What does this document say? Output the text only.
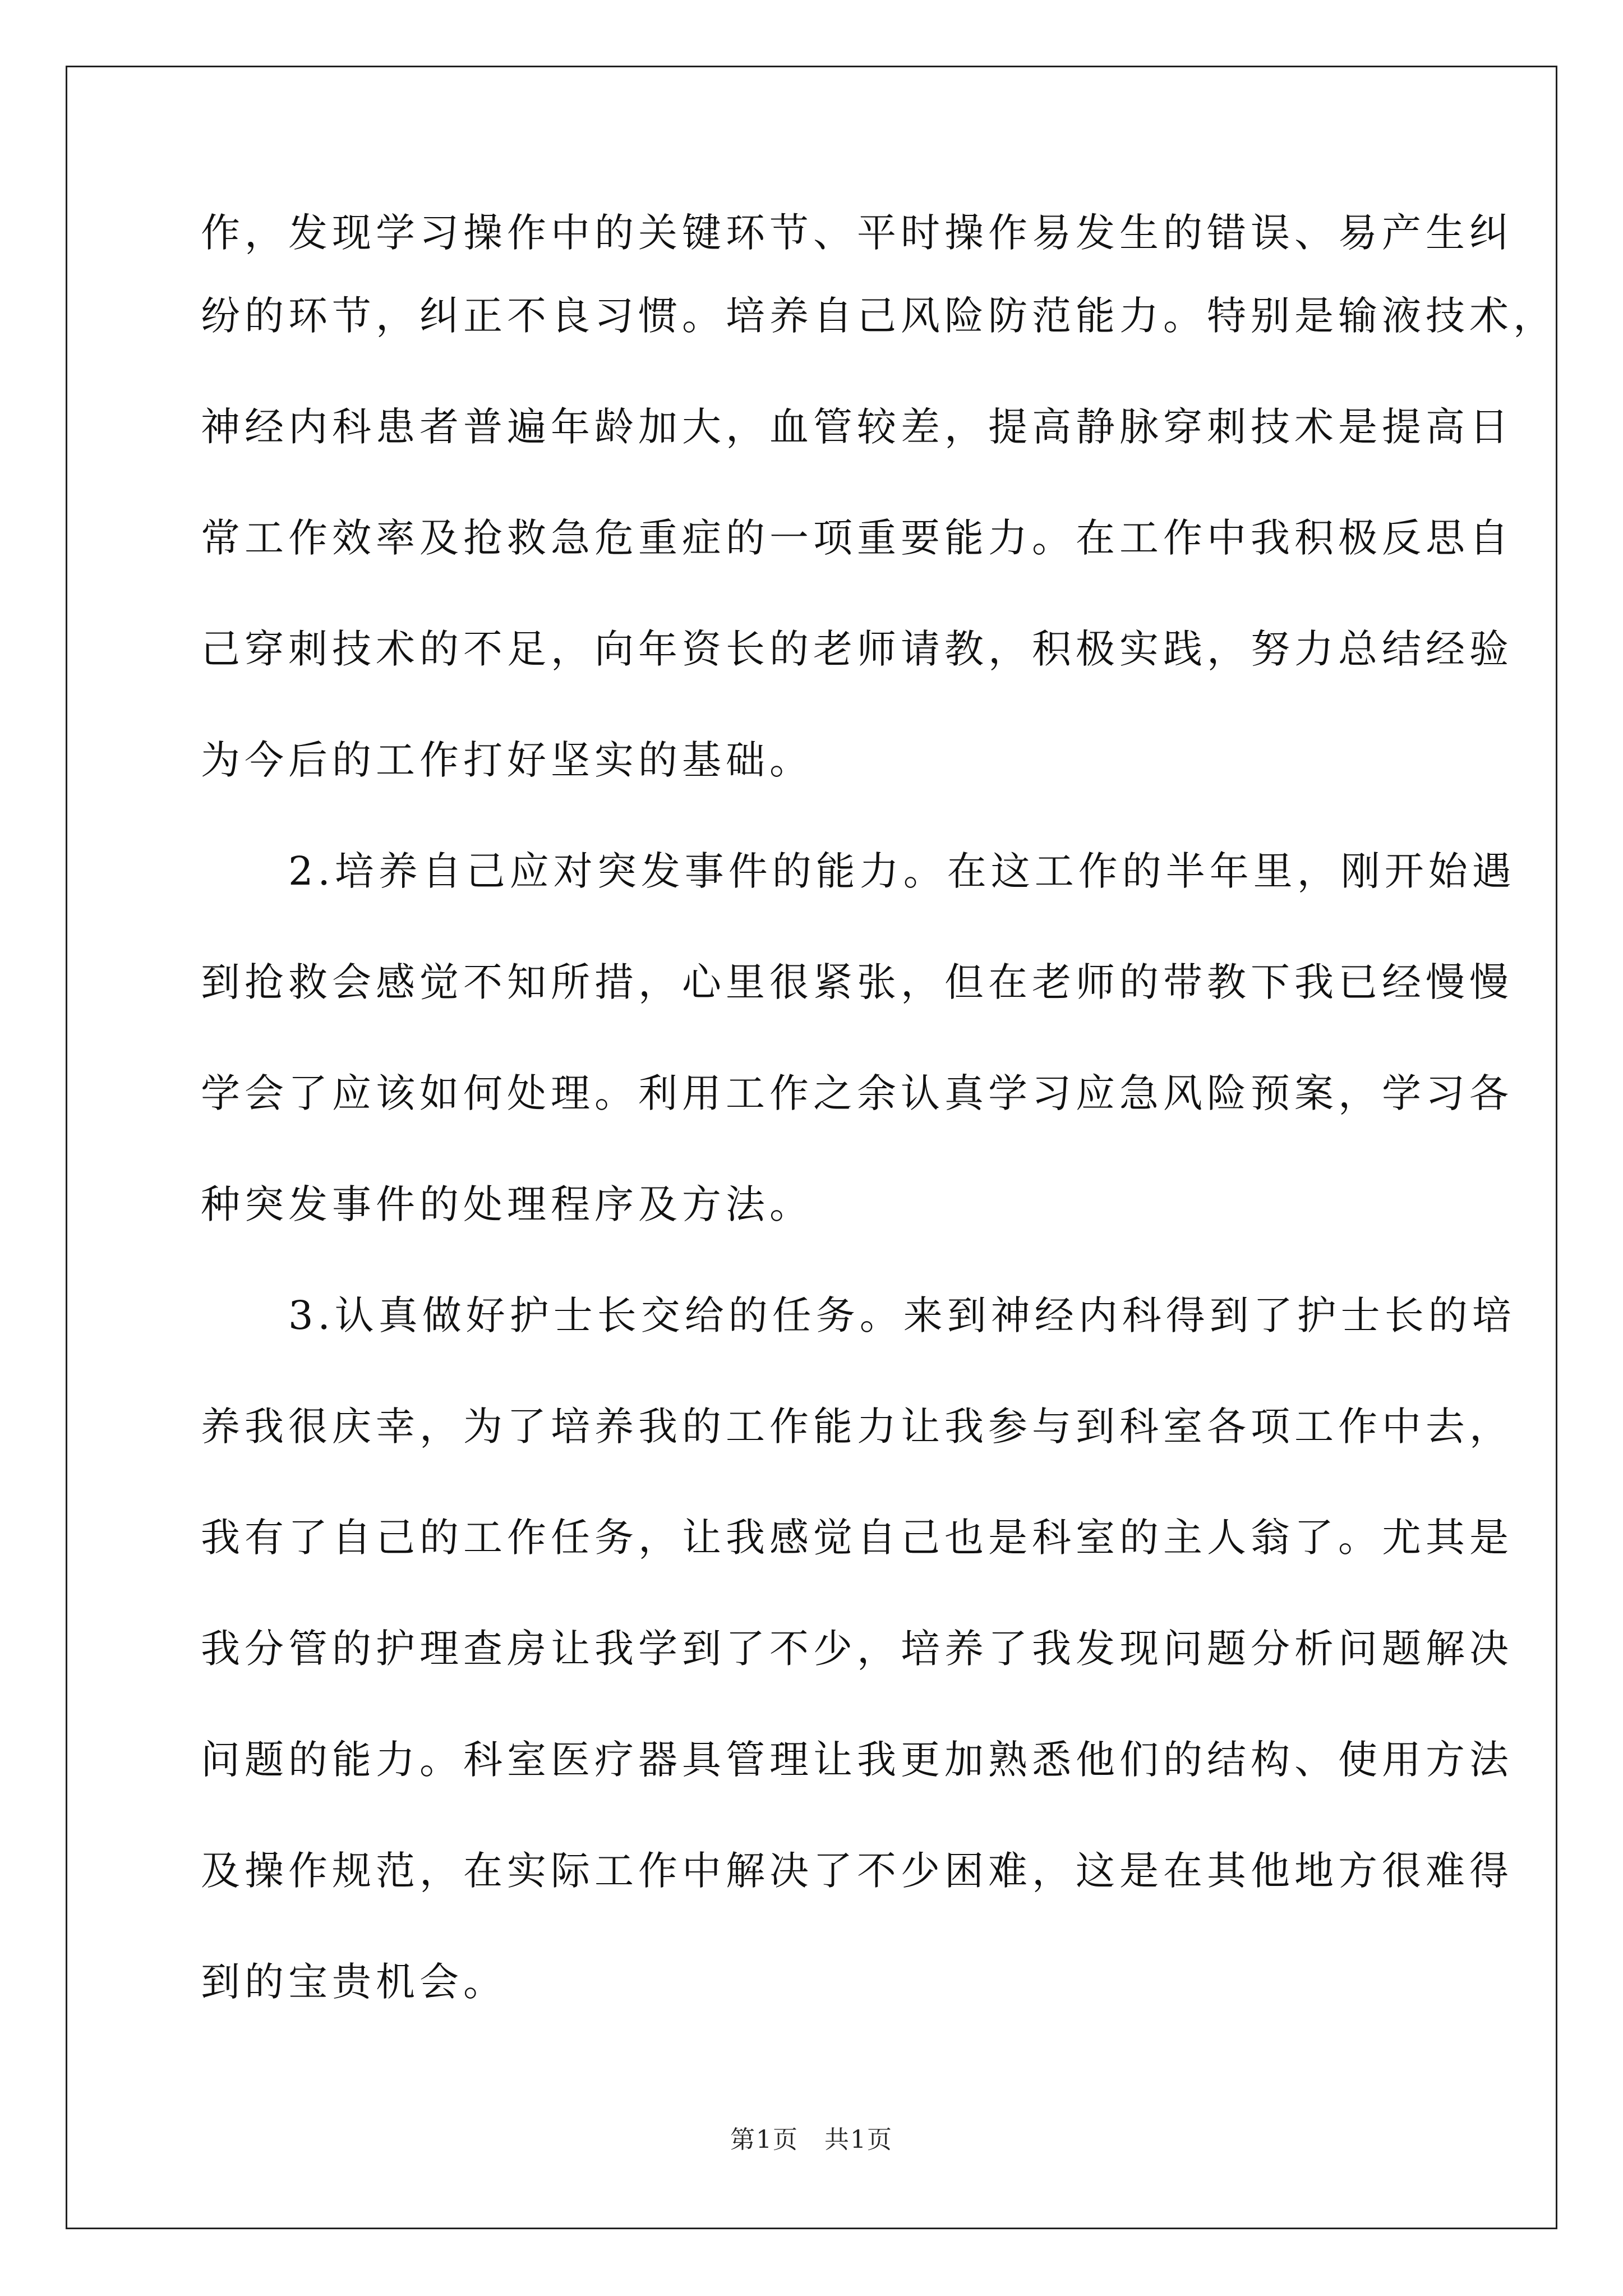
作，发现学习操作中的关键环节、平时操作易发生的错误、易产生纠
纷的环节，纠正不良习惯。培养自己风险防范能力。特别是输液技术，
神经内科患者普遍年龄加大，血管较差，提高静脉穿刺技术是提高日
常工作效率及抢救急危重症的一项重要能力。在工作中我积极反思自
己穿刺技术的不足，向年资长的老师请教，积极实践，努力总结经验
为今后的工作打好坚实的基础。
　　2.培养自己应对突发事件的能力。在这工作的半年里，刚开始遇
到抢救会感觉不知所措，心里很紧张，但在老师的带教下我已经慢慢
学会了应该如何处理。利用工作之余认真学习应急风险预案，学习各
种突发事件的处理程序及方法。
　　3.认真做好护士长交给的任务。来到神经内科得到了护士长的培
养我很庆幸，为了培养我的工作能力让我参与到科室各项工作中去，
我有了自己的工作任务，让我感觉自己也是科室的主人翁了。尤其是
我分管的护理查房让我学到了不少，培养了我发现问题分析问题解决
问题的能力。科室医疗器具管理让我更加熟悉他们的结构、使用方法
及操作规范，在实际工作中解决了不少困难，这是在其他地方很难得
到的宝贵机会。
第1页　共1页
